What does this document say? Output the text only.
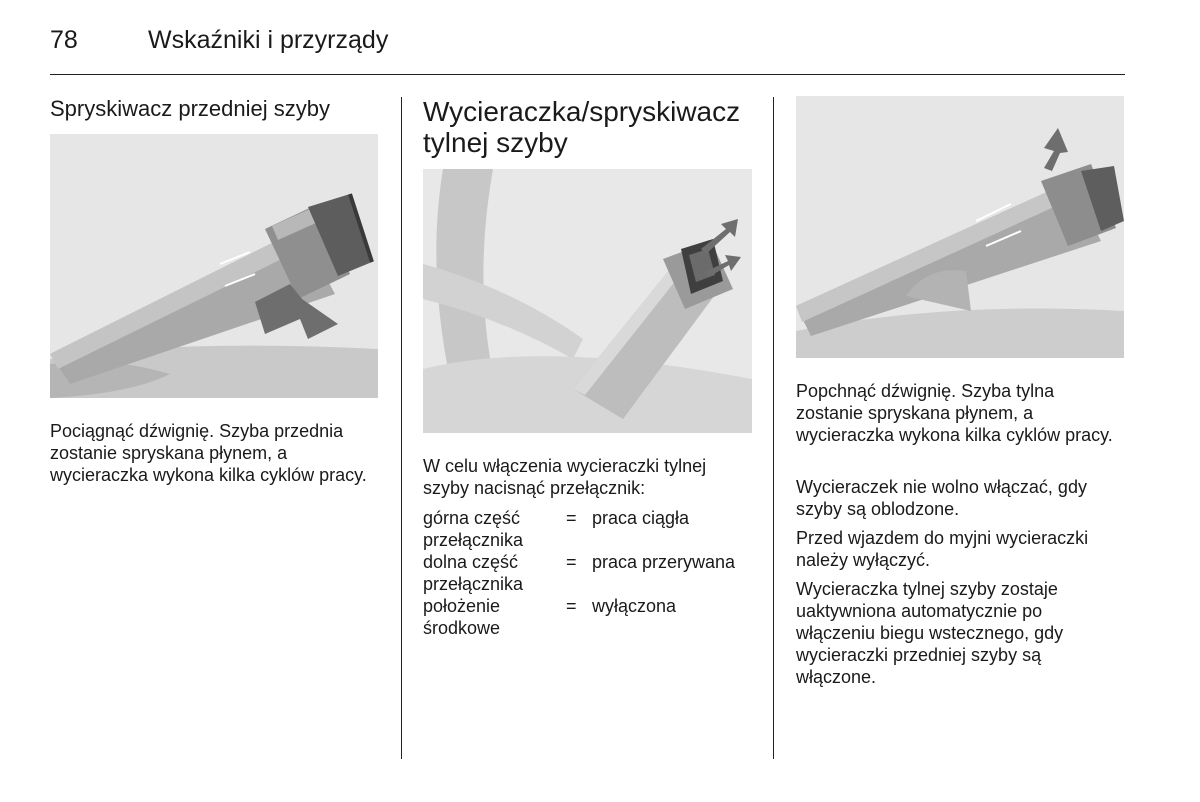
78	Wskaźniki i przyrządy
Spryskiwacz przedniej szyby

Pociągnąć dźwignię. Szyba przednia zostanie spryskana płynem, a wycieraczka wykona kilka cyklów pracy.

Wycieraczka/spryskiwacz tylnej szyby

W celu włączenia wycieraczki tylnej szyby nacisnąć przełącznik:

górna część przełącznika
= praca ciągła
dolna część przełącznika
= praca przerywana
położenie środkowe
= wyłączona

Popchnąć dźwignię. Szyba tylna zostanie spryskana płynem, a wycieraczka wykona kilka cyklów pracy.

Wycieraczek nie wolno włączać, gdy szyby są oblodzone.

Przed wjazdem do myjni wycieraczki należy wyłączyć.

Wycieraczka tylnej szyby zostaje uaktywniona automatycznie po włączeniu biegu wstecznego, gdy wycieraczki przedniej szyby są włączone.
